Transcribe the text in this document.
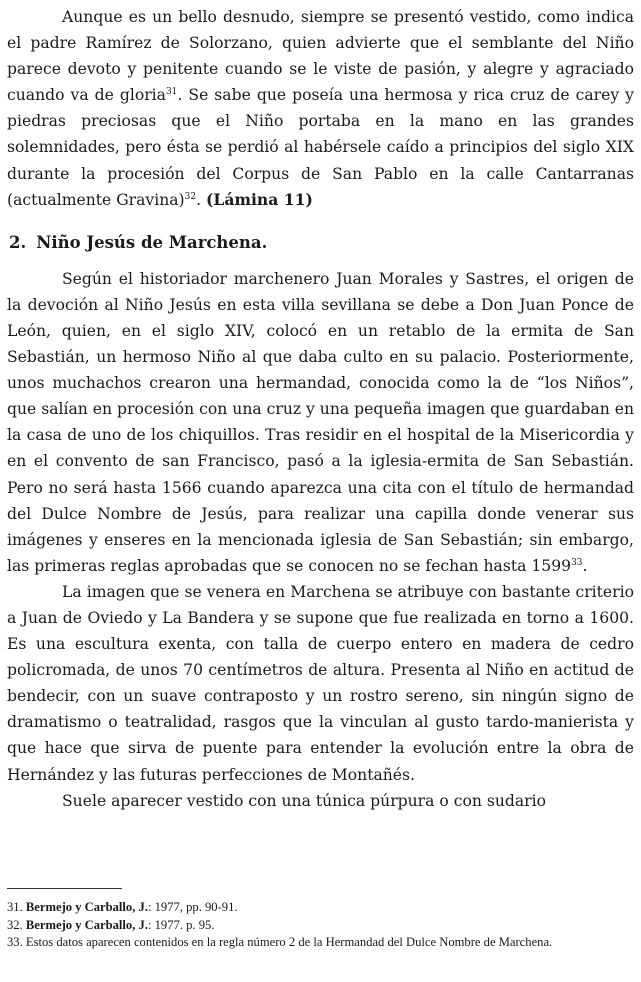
Aunque es un bello desnudo, siempre se presentó vestido, como indica el padre Ramírez de Solorzano, quien advierte que el semblante del Niño parece devoto y penitente cuando se le viste de pasión, y alegre y agraciado cuando va de gloria$^{31}$. Se sabe que poseía una hermosa y rica cruz de carey y piedras preciosas que el Niño portaba en la mano en las grandes solemnidades, pero ésta se perdió al habérsele caído a principios del siglo XIX durante la procesión del Corpus de San Pablo en la calle Cantarranas (actualmente Gravina)$^{32}$. (Lámina 11)

2. Niño Jesús de Marchena.

Según el historiador marchenero Juan Morales y Sastres, el origen de la devoción al Niño Jesús en esta villa sevillana se debe a Don Juan Ponce de León, quien, en el siglo XIV, colocó en un retablo de la ermita de San Sebastián, un hermoso Niño al que daba culto en su palacio. Posteriormente, unos muchachos crearon una hermandad, conocida como la de “los Niños”, que salían en procesión con una cruz y una pequeña imagen que guardaban en la casa de uno de los chiquillos. Tras residir en el hospital de la Misericordia y en el convento de san Francisco, pasó a la iglesia-ermita de San Sebastián. Pero no será hasta 1566 cuando aparezca una cita con el título de hermandad del Dulce Nombre de Jesús, para realizar una capilla donde venerar sus imágenes y enseres en la mencionada iglesia de San Sebastián; sin embargo, las primeras reglas aprobadas que se conocen no se fechan hasta 1599$^{33}$.

La imagen que se venera en Marchena se atribuye con bastante criterio a Juan de Oviedo y La Bandera y se supone que fue realizada en torno a 1600. Es una escultura exenta, con talla de cuerpo entero en madera de cedro policromada, de unos 70 centímetros de altura. Presenta al Niño en actitud de bendecir, con un suave contraposto y un rostro sereno, sin ningún signo de dramatismo o teatralidad, rasgos que la vinculan al gusto tardo-manierista y que hace que sirva de puente para entender la evolución entre la obra de Hernández y las futuras perfecciones de Montañés.

Suele aparecer vestido con una túnica púrpura o con sudario

31. Bermejo y Carballo, J.: 1977, pp. 90-91.

32. Bermejo y Carballo, J.: 1977. p. 95.

33. Estos datos aparecen contenidos en la regla número 2 de la Hermandad del Dulce Nombre de Marchena.
